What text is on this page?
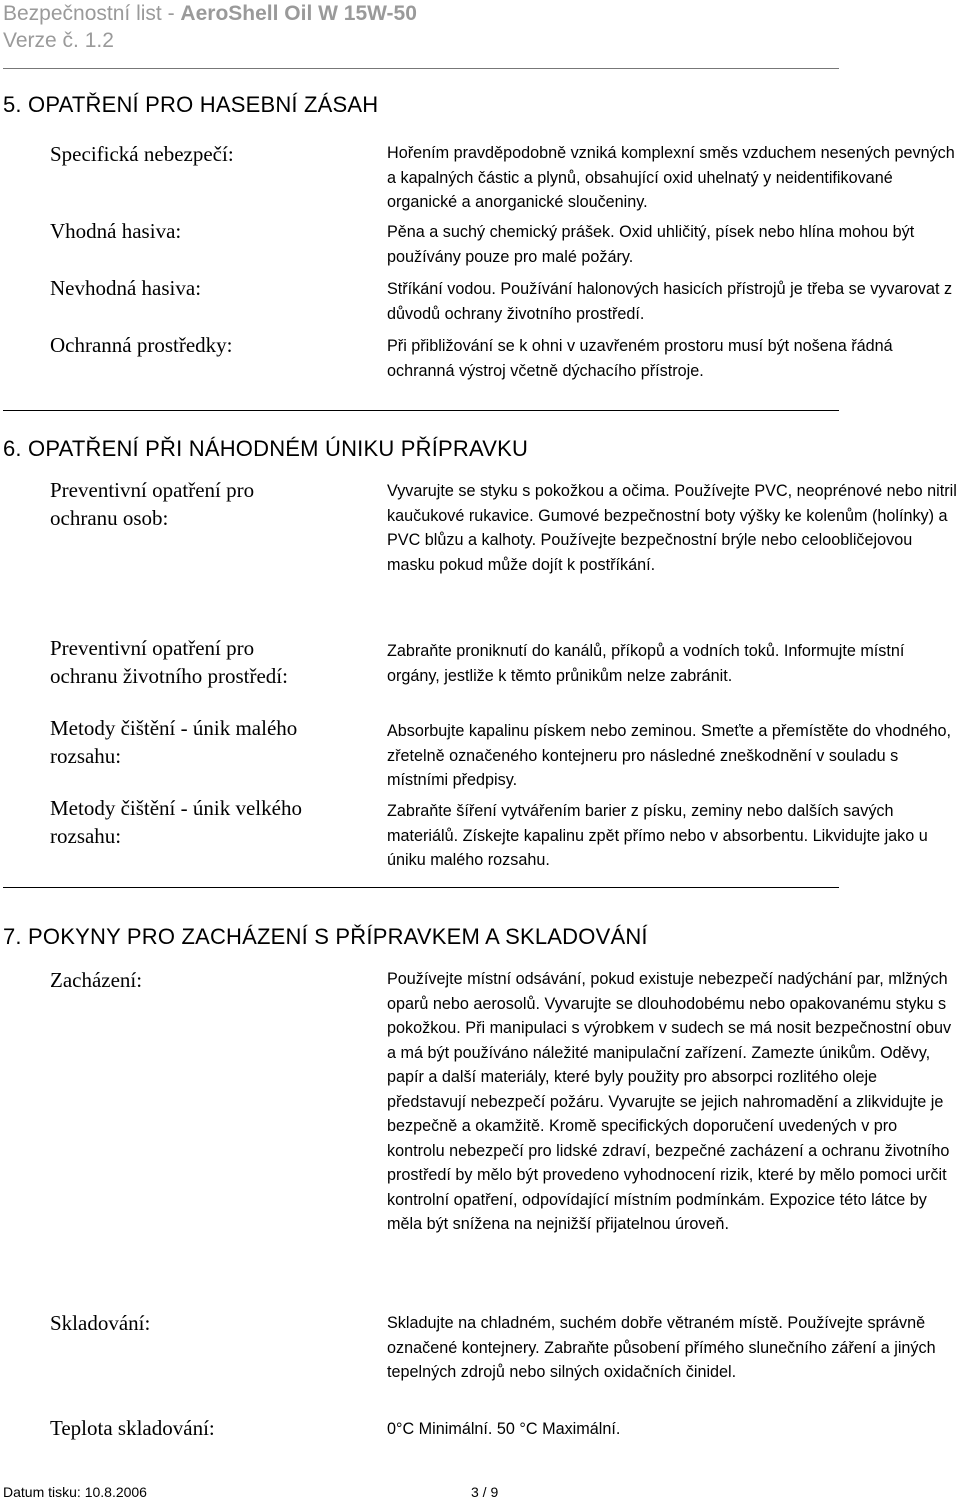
Bezpečnostní list - AeroShell Oil W 15W-50
Verze č. 1.2
5. OPATŘENÍ PRO HASEBNÍ ZÁSAH
Specifická nebezpečí:	Hořením pravděpodobně vzniká komplexní směs vzduchem nesených pevných a kapalných částic a plynů, obsahující oxid uhelnatý y neidentifikované organické a anorganické sloučeniny.
Vhodná hasiva:	Pěna a suchý chemický prášek. Oxid uhličitý, písek nebo hlína mohou být používány pouze pro malé požáry.
Nevhodná hasiva:	Stříkání vodou. Používání halonových hasicích přístrojů je třeba se vyvarovat z důvodů ochrany životního prostředí.
Ochranná prostředky:	Při přibližování se k ohni v uzavřeném prostoru musí být nošena řádná ochranná výstroj včetně dýchacího přístroje.
6. OPATŘENÍ PŘI NÁHODNÉM ÚNIKU PŘÍPRAVKU
Preventivní opatření pro
ochranu osob:
Vyvarujte se styku s pokožkou a očima. Používejte PVC, neoprénové nebo nitril kaučukové rukavice. Gumové bezpečnostní boty výšky ke kolenům (holínky) a PVC blůzu a kalhoty. Používejte bezpečnostní brýle nebo celoobličejovou masku pokud může dojít k postříkání.
Preventivní opatření pro
ochranu životního prostředí:
Zabraňte proniknutí do kanálů, příkopů a vodních toků. Informujte místní orgány, jestliže k těmto průnikům nelze zabránit.
Metody čištění - únik malého
rozsahu:
Absorbujte kapalinu pískem nebo zeminou. Smeťte a přemístěte do vhodného, zřetelně označeného kontejneru pro následné zneškodnění v souladu s místními předpisy.
Metody čištění - únik velkého
rozsahu:
Zabraňte šíření vytvářením barier z písku, zeminy nebo dalších savých materiálů. Získejte kapalinu zpět přímo nebo v absorbentu. Likvidujte jako u úniku malého rozsahu.
7. POKYNY PRO ZACHÁZENÍ S PŘÍPRAVKEM A SKLADOVÁNÍ
Zacházení:	Používejte místní odsávání, pokud existuje nebezpečí nadýchání par, mlžných oparů nebo aerosolů. Vyvarujte se dlouhodobému nebo opakovanému styku s pokožkou. Při manipulaci s výrobkem v sudech se má nosit bezpečnostní obuv a má být používáno náležité manipulační zařízení. Zamezte únikům. Oděvy, papír a další materiály, které byly použity pro absorpci rozlitého oleje představují nebezpečí požáru. Vyvarujte se jejich nahromadění a zlikvidujte je bezpečně a okamžitě. Kromě specifických doporučení uvedených v pro kontrolu nebezpečí pro lidské zdraví, bezpečné zacházení a ochranu životního prostředí by mělo být provedeno vyhodnocení rizik, které by mělo pomoci určit kontrolní opatření, odpovídající místním podmínkám. Expozice této látce by měla být snížena na nejnižší přijatelnou úroveň.
Skladování:	Skladujte na chladném, suchém dobře větraném místě. Používejte správně označené kontejnery. Zabraňte působení přímého slunečního záření a jiných tepelných zdrojů nebo silných oxidačních činidel.
Teplota skladování:	0°C Minimální. 50 °C Maximální.
Datum tisku: 10.8.2006	3 / 9
